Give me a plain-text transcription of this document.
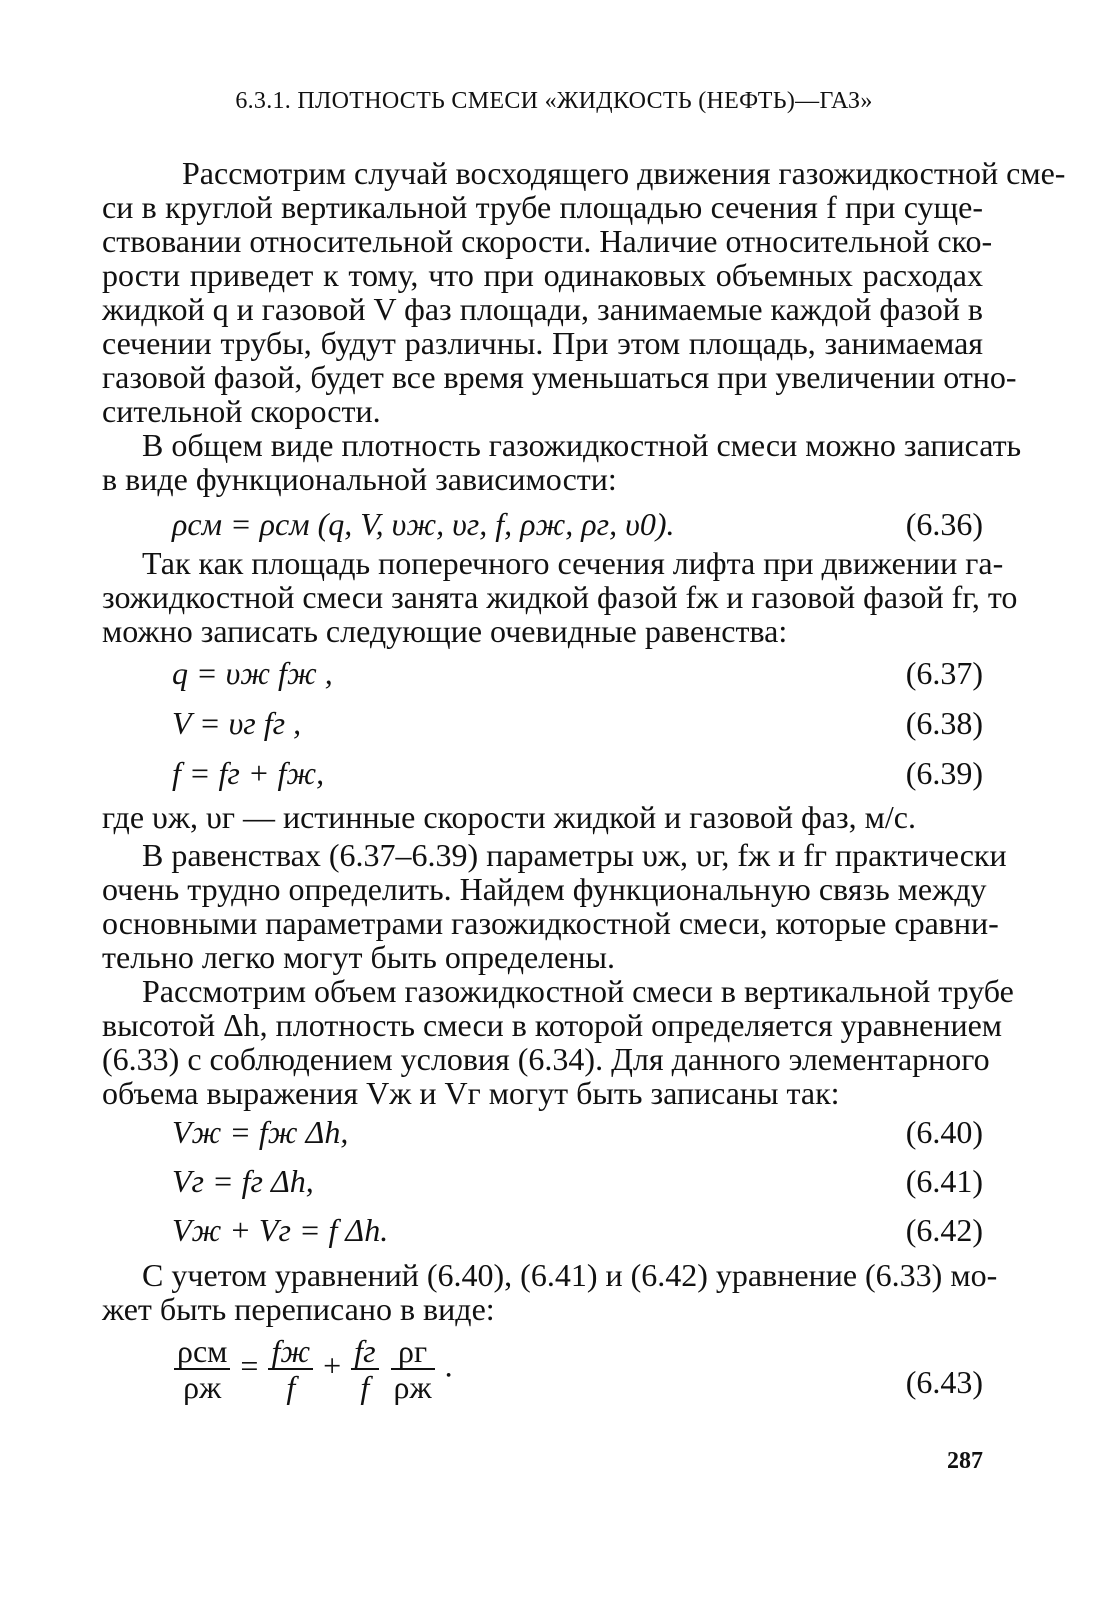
6.3.1. ПЛОТНОСТЬ СМЕСИ «ЖИДКОСТЬ (НЕФТЬ)—ГАЗ»
Рассмотрим случай восходящего движения газожидкостной сме-
си в круглой вертикальной трубе площадью сечения f при суще-
ствовании относительной скорости. Наличие относительной ско-
рости приведет к тому, что при одинаковых объемных расходах
жидкой q и газовой V фаз площади, занимаемые каждой фазой в
сечении трубы, будут различны. При этом площадь, занимаемая
газовой фазой, будет все время уменьшаться при увеличении отно-
сительной скорости.
В общем виде плотность газожидкостной смеси можно записать
в виде функциональной зависимости:
ρсм = ρсм (q, V, υж, υг, f, ρж, ρг, υ0).	(6.36)
Так как площадь поперечного сечения лифта при движении га-
зожидкостной смеси занята жидкой фазой fж и газовой фазой fг, то
можно записать следующие очевидные равенства:
q = υж fж ,	(6.37)
V = υг fг ,	(6.38)
f = fг + fж,	(6.39)
где υж, υг — истинные скорости жидкой и газовой фаз, м/с.
В равенствах (6.37–6.39) параметры υж, υг, fж и fг практически
очень трудно определить. Найдем функциональную связь между
основными параметрами газожидкостной смеси, которые сравни-
тельно легко могут быть определены.
Рассмотрим объем газожидкостной смеси в вертикальной трубе
высотой Δh, плотность смеси в которой определяется уравнением
(6.33) с соблюдением условия (6.34). Для данного элементарного
объема выражения Vж и Vг могут быть записаны так:
Vж = fж Δh,	(6.40)
Vг = fг Δh,	(6.41)
Vж + Vг = f Δh.	(6.42)
С учетом уравнений (6.40), (6.41) и (6.42) уравнение (6.33) мо-
жет быть переписано в виде:
$\frac{\text{ρсм}}{\rho ж} = \frac{fж}{f} + \frac{fг}{f}$
$\frac{\rho г}{\rho ж}$ .	(6.43)
287
